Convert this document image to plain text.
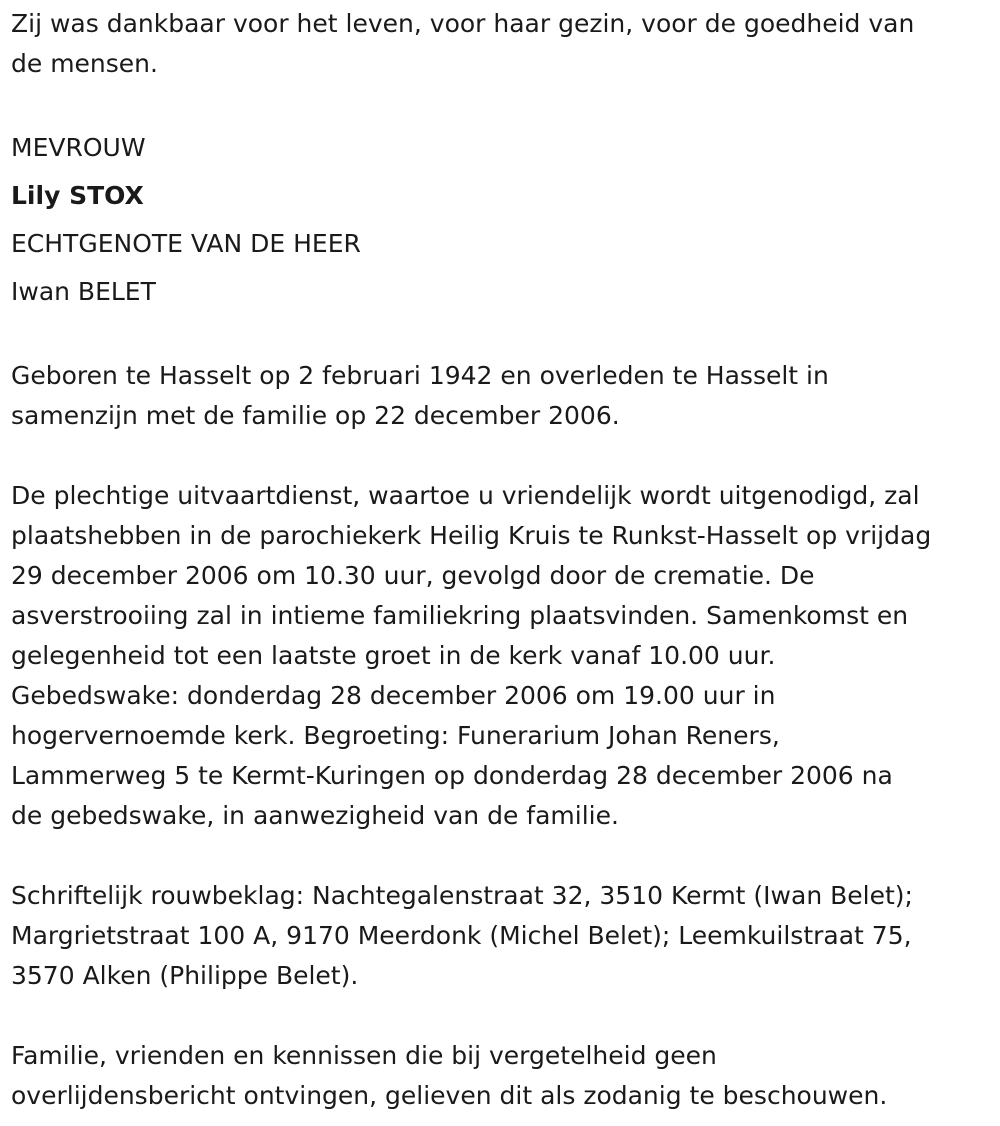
Zij was dankbaar voor het leven, voor haar gezin, voor de goedheid van
de mensen.

MEVROUW
Lily STOX
ECHTGENOTE VAN DE HEER
Iwan BELET

Geboren te Hasselt op 2 februari 1942 en overleden te Hasselt in
samenzijn met de familie op 22 december 2006.

De plechtige uitvaartdienst, waartoe u vriendelijk wordt uitgenodigd, zal
plaatshebben in de parochiekerk Heilig Kruis te Runkst-Hasselt op vrijdag
29 december 2006 om 10.30 uur, gevolgd door de crematie. De
asverstrooiing zal in intieme familiekring plaatsvinden. Samenkomst en
gelegenheid tot een laatste groet in de kerk vanaf 10.00 uur.
Gebedswake: donderdag 28 december 2006 om 19.00 uur in
hogervernoemde kerk. Begroeting: Funerarium Johan Reners,
Lammerweg 5 te Kermt-Kuringen op donderdag 28 december 2006 na
de gebedswake, in aanwezigheid van de familie.

Schriftelijk rouwbeklag: Nachtegalenstraat 32, 3510 Kermt (Iwan Belet);
Margrietstraat 100 A, 9170 Meerdonk (Michel Belet); Leemkuilstraat 75,
3570 Alken (Philippe Belet).

Familie, vrienden en kennissen die bij vergetelheid geen
overlijdensbericht ontvingen, gelieven dit als zodanig te beschouwen.
